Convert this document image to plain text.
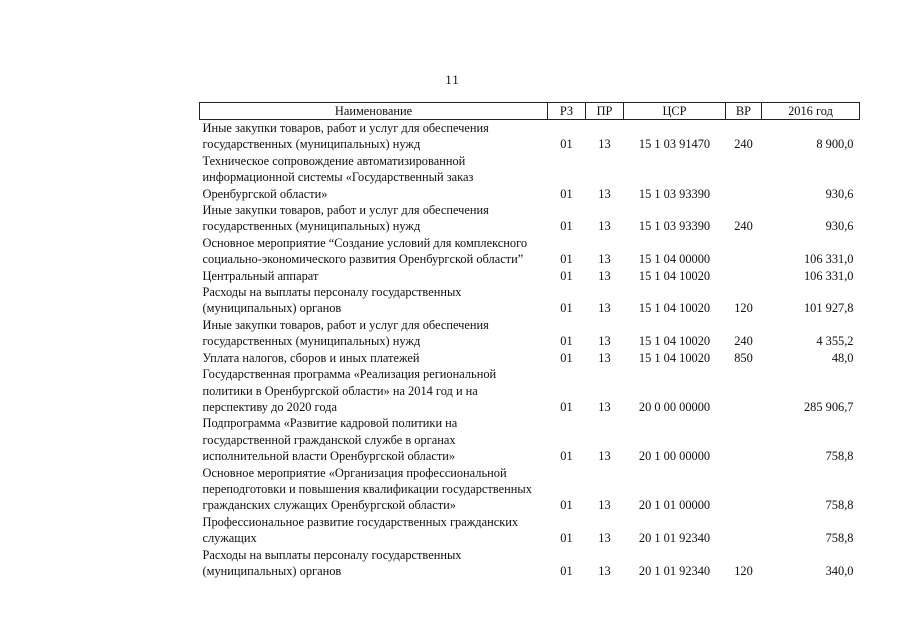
11
Наименование	РЗ	ПР	ЦСР	ВР	2016 год
Иные закупки товаров, работ и услуг для обеспечения государственных (муниципальных) нужд	01	13	15 1 03 91470	240	8 900,0
Техническое сопровождение автоматизированной информационной системы «Государственный заказ Оренбургской области»	01	13	15 1 03 93390		930,6
Иные закупки товаров, работ и услуг для обеспечения государственных (муниципальных) нужд	01	13	15 1 03 93390	240	930,6
Основное мероприятие “Создание условий для комплексного социально-экономического развития Оренбургской области”	01	13	15 1 04 00000		106 331,0
Центральный аппарат	01	13	15 1 04 10020		106 331,0
Расходы на выплаты персоналу государственных (муниципальных) органов	01	13	15 1 04 10020	120	101 927,8
Иные закупки товаров, работ и услуг для обеспечения государственных (муниципальных) нужд	01	13	15 1 04 10020	240	4 355,2
Уплата налогов, сборов и иных платежей	01	13	15 1 04 10020	850	48,0
Государственная программа «Реализация региональной политики в Оренбургской области» на 2014 год и на перспективу до 2020 года	01	13	20 0 00 00000		285 906,7
Подпрограмма «Развитие кадровой политики на государственной гражданской службе в органах исполнительной власти Оренбургской области»	01	13	20 1 00 00000		758,8
Основное мероприятие «Организация профессиональной переподготовки и повышения квалификации государственных гражданских служащих Оренбургской области»	01	13	20 1 01 00000		758,8
Профессиональное развитие государственных гражданских служащих	01	13	20 1 01 92340		758,8
Расходы на выплаты персоналу государственных (муниципальных) органов	01	13	20 1 01 92340	120	340,0
